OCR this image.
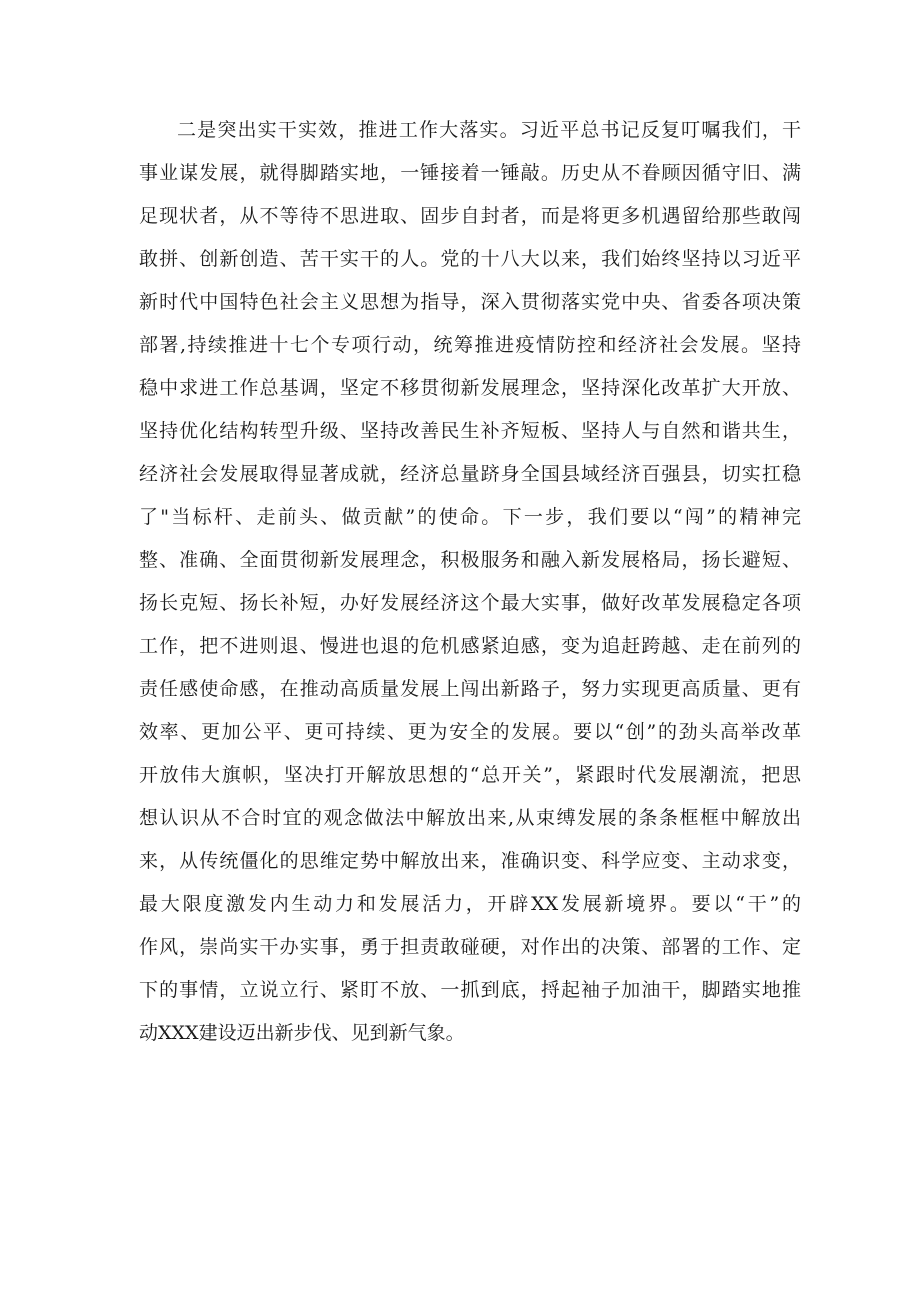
二是突出实干实效，推进工作大落实。习近平总书记反复叮嘱我们，干
事业谋发展，就得脚踏实地，一锤接着一锤敲。历史从不眷顾因循守旧、满
足现状者，从不等待不思进取、固步自封者，而是将更多机遇留给那些敢闯
敢拼、创新创造、苦干实干的人。党的十八大以来，我们始终坚持以习近平
新时代中国特色社会主义思想为指导，深入贯彻落实党中央、省委各项决策
部署,持续推进十七个专项行动，统筹推进疫情防控和经济社会发展。坚持
稳中求进工作总基调，坚定不移贯彻新发展理念，坚持深化改革扩大开放、
坚持优化结构转型升级、坚持改善民生补齐短板、坚持人与自然和谐共生，
经济社会发展取得显著成就，经济总量跻身全国县域经济百强县，切实扛稳
了"当标杆、走前头、做贡献”的使命。下一步，我们要以“闯”的精神完
整、准确、全面贯彻新发展理念，积极服务和融入新发展格局，扬长避短、
扬长克短、扬长补短，办好发展经济这个最大实事，做好改革发展稳定各项
工作，把不进则退、慢进也退的危机感紧迫感，变为追赶跨越、走在前列的
责任感使命感，在推动高质量发展上闯出新路子，努力实现更高质量、更有
效率、更加公平、更可持续、更为安全的发展。要以“创”的劲头高举改革
开放伟大旗帜，坚决打开解放思想的“总开关”，紧跟时代发展潮流，把思
想认识从不合时宜的观念做法中解放出来,从束缚发展的条条框框中解放出
来，从传统僵化的思维定势中解放出来，准确识变、科学应变、主动求变，
最大限度激发内生动力和发展活力，开辟XX发展新境界。要以“干”的
作风，崇尚实干办实事，勇于担责敢碰硬，对作出的决策、部署的工作、定
下的事情，立说立行、紧盯不放、一抓到底，捋起袖子加油干，脚踏实地推
动XXX建设迈出新步伐、见到新气象。
